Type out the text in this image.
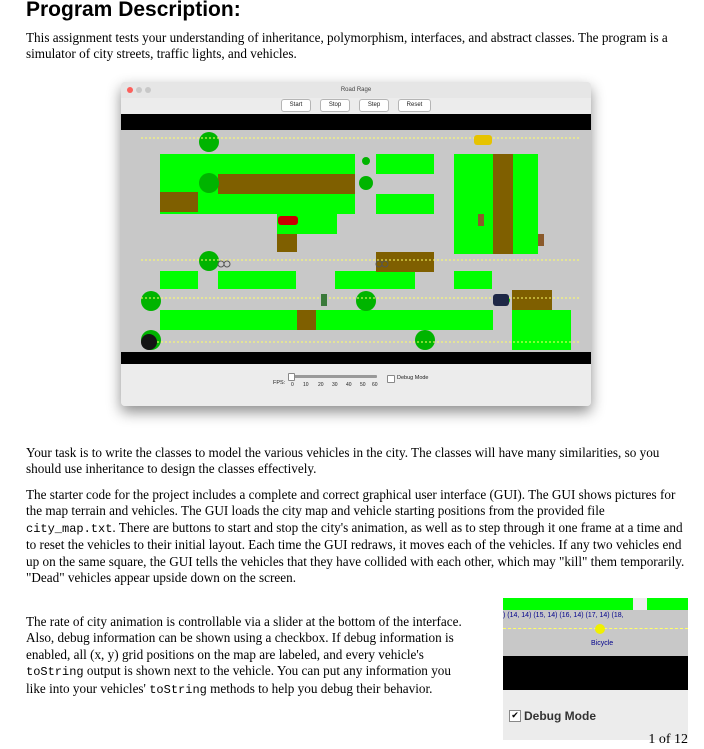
Program Description:

This assignment tests your understanding of inheritance, polymorphism, interfaces, and abstract classes. The program is a simulator of city streets, traffic lights, and vehicles.

Road Rage
Start	Stop	Step	Reset
FPS: 0 10 20 30 40 50 60
Debug Mode

Your task is to write the classes to model the various vehicles in the city. The classes will have many similarities, so you should use inheritance to design the classes effectively.

The starter code for the project includes a complete and correct graphical user interface (GUI). The GUI shows pictures for the map terrain and vehicles. The GUI loads the city map and vehicle starting positions from the provided file city_map.txt. There are buttons to start and stop the city's animation, as well as to step through it one frame at a time and to reset the vehicles to their initial layout. Each time the GUI redraws, it moves each of the vehicles. If any two vehicles end up on the same square, the GUI tells the vehicles that they have collided with each other, which may "kill" them temporarily. "Dead" vehicles appear upside down on the screen.

The rate of city animation is controllable via a slider at the bottom of the interface. Also, debug information can be shown using a checkbox. If debug information is enabled, all (x, y) grid positions on the map are labeled, and every vehicle's toString output is shown next to the vehicle. You can put any information you like into your vehicles' toString methods to help you debug their behavior.

) (14, 14) (15, 14) (16, 14) (17, 14) (18,
Bicycle
✔ Debug Mode
1 of 12
